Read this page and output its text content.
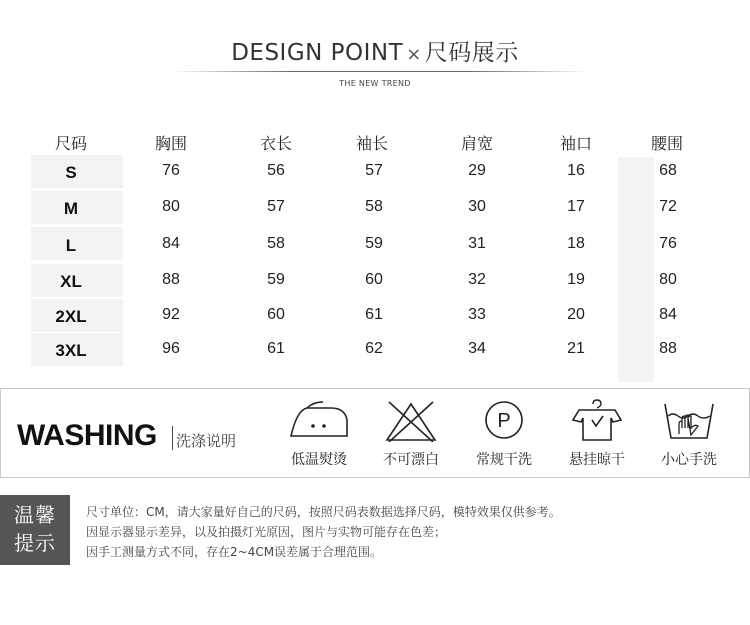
DESIGN POINT × 尺码展示
THE NEW TREND
尺码	胸围	衣长	袖长	肩宽	袖口	腰围
S	76	56	57	29	16	68
M	80	57	58	30	17	72
L	84	58	59	31	18	76
XL	88	59	60	32	19	80
2XL	92	60	61	33	20	84
3XL	96	61	62	34	21	88
WASHING 洗涤说明
低温熨烫	不可漂白
P
常规干洗	悬挂晾干	小心手洗
温馨
提示
尺寸单位：CM，请大家量好自己的尺码，按照尺码表数据选择尺码，模特效果仅供参考。
因显示器显示差异，以及拍摄灯光原因，图片与实物可能存在色差；
因手工测量方式不同，存在2~4CM误差属于合理范围。
